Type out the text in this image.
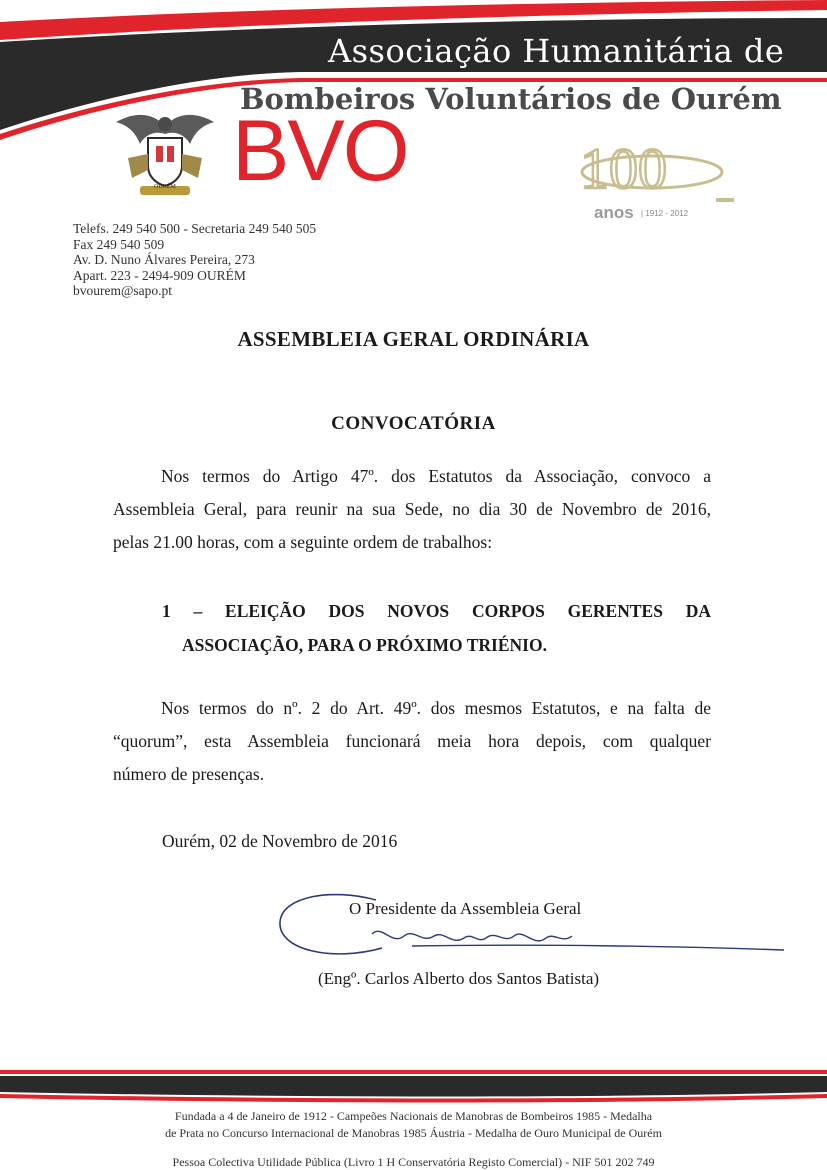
Associação Humanitária de
Bombeiros Voluntários de Ourém
OURÉM BVO	100
anos | 1912 - 2012
Telefs. 249 540 500 - Secretaria 249 540 505
Fax 249 540 509
Av. D. Nuno Álvares Pereira, 273
Apart. 223 - 2494-909 OURÉM
bvourem@sapo.pt
ASSEMBLEIA GERAL ORDINÁRIA
CONVOCATÓRIA
Nos termos do Artigo 47º. dos Estatutos da Associação, convoco a
Assembleia Geral, para reunir na sua Sede, no dia 30 de Novembro de 2016,
pelas 21.00 horas, com a seguinte ordem de trabalhos:
1 – ELEIÇÃO DOS NOVOS CORPOS GERENTES DA
ASSOCIAÇÃO, PARA O PRÓXIMO TRIÉNIO.
Nos termos do nº. 2 do Art. 49º. dos mesmos Estatutos, e na falta de
“quorum”, esta Assembleia funcionará meia hora depois, com qualquer
número de presenças.
Ourém, 02 de Novembro de 2016
O Presidente da Assembleia Geral
(Engº. Carlos Alberto dos Santos Batista)
Fundada a 4 de Janeiro de 1912 - Campeões Nacionais de Manobras de Bombeiros 1985 - Medalha
de Prata no Concurso Internacional de Manobras 1985 Áustria - Medalha de Ouro Municipal de Ourém
Pessoa Colectiva Utilidade Pública (Livro 1 H Conservatória Registo Comercial) - NIF 501 202 749
